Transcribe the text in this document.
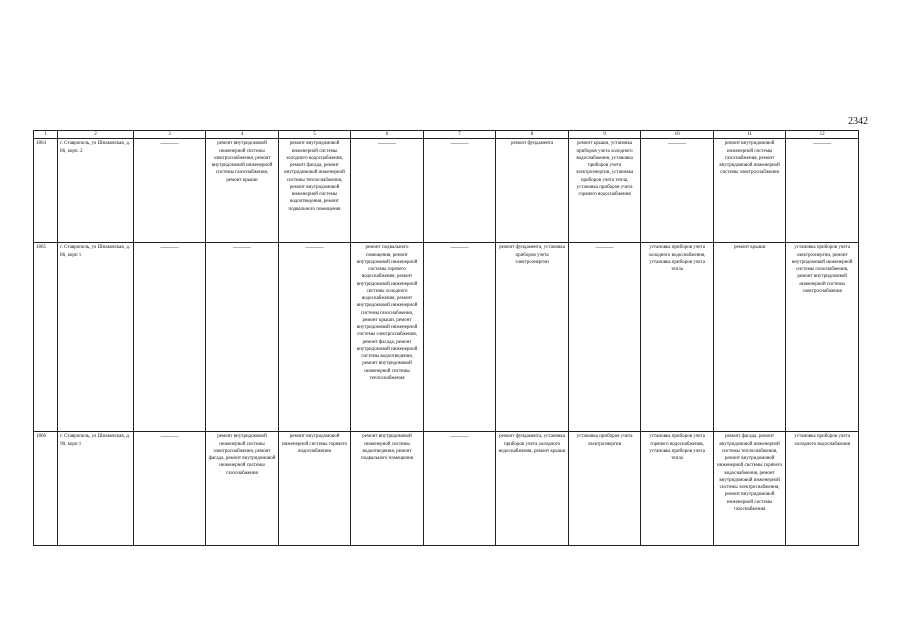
2342
1	2	3	4	5	6	7	8	9	10	11	12
1864	г. Ставрополь, ул Шпаковская, д. 86, корп. 2	———	ремонт внутридомовой инженерной системы электроснабжения, ремонт внутридомовой инженерной системы газоснабжения, ремонт крыши	ремонт внутридомовой инженерной системы холодного водоснабжения, ремонт фасада, ремонт внутридомовой инженерной системы теплоснабжения, ремонт внутридомовой инженерной системы водоотведения, ремонт подвального помещения	———	———	ремонт фундамента	ремонт крыши, установка приборов учета холодного водоснабжения, установка приборов учета электроэнергии, установка приборов учета тепла, установка приборов учета горячего водоснабжения	———	ремонт внутридомовой инженерной системы газоснабжения, ремонт внутридомовой инженерной системы электроснабжения	———

1865	г. Ставрополь, ул Шпаковская, д. 86, корп 1	———	———	———	ремонт подвального помещения, ремонт внутридомовой инженерной системы горячего водоснабжения, ремонт внутридомовой инженерной системы холодного водоснабжения, ремонт внутридомовой инженерной системы газоснабжения, ремонт крыши, ремонт внутридомовой инженерной системы электроснабжения, ремонт фасада, ремонт внутридомовой инженерной системы водоотведения, ремонт внутридомовой инженерной системы теплоснабжения	———	ремонт фундамента, установка приборов учета электроэнергии	———	установка приборов учета холодного водоснабжения, установка приборов учета тепла	ремонт крыши	установка приборов учета электроэнергии, ремонт внутридомовой инженерной системы газоснабжения, ремонт внутридомовой инженерной системы электроснабжения
1866	г. Ставрополь, ул Шпаковская, д. 90, корп 1	———	ремонт внутридомовой инженерной системы электроснабжения, ремонт фасада, ремонт внутридомовой инженерной системы газоснабжения	ремонт внутридомовой инженерной системы горячего водоснабжения	ремонт внутридомовой инженерной системы водоотведения, ремонт подвального помещения	———	ремонт фундамента, установка приборов учета холодного водоснабжения, ремонт крыши	установка приборов учета электроэнергии	установка приборов учета горячего водоснабжения, установка приборов учета тепла	ремонт фасада, ремонт внутридомовой инженерной системы теплоснабжения, ремонт внутридомовой инженерной системы горячего водоснабжения, ремонт внутридомовой инженерной системы электроснабжения, ремонт внутридомовой инженерной системы газоснабжения	установка приборов учета холодного водоснабжения
